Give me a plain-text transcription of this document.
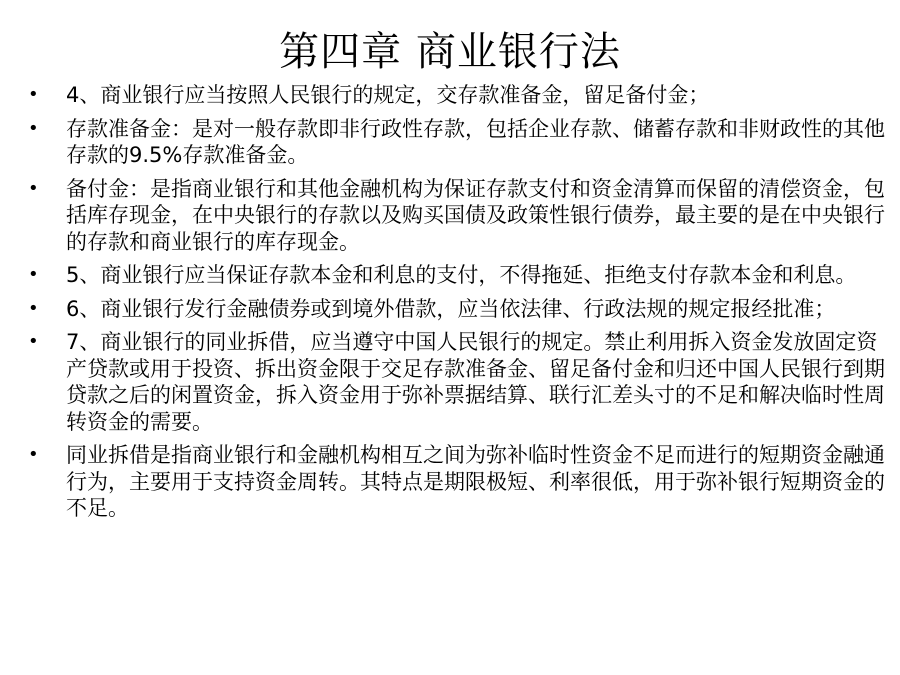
第四章 商业银行法
• 4、商业银行应当按照人民银行的规定，交存款准备金，留足备付金；
• 存款准备金：是对一般存款即非行政性存款，包括企业存款、储蓄存款和非财政性的其他存款的9.5%存款准备金。
• 备付金：是指商业银行和其他金融机构为保证存款支付和资金清算而保留的清偿资金，包括库存现金，在中央银行的存款以及购买国债及政策性银行债券，最主要的是在中央银行的存款和商业银行的库存现金。
• 5、商业银行应当保证存款本金和利息的支付，不得拖延、拒绝支付存款本金和利息。
• 6、商业银行发行金融债券或到境外借款，应当依法律、行政法规的规定报经批准；
• 7、商业银行的同业拆借，应当遵守中国人民银行的规定。禁止利用拆入资金发放固定资产贷款或用于投资、拆出资金限于交足存款准备金、留足备付金和归还中国人民银行到期贷款之后的闲置资金，拆入资金用于弥补票据结算、联行汇差头寸的不足和解决临时性周转资金的需要。
• 同业拆借是指商业银行和金融机构相互之间为弥补临时性资金不足而进行的短期资金融通行为，主要用于支持资金周转。其特点是期限极短、利率很低，用于弥补银行短期资金的不足。
